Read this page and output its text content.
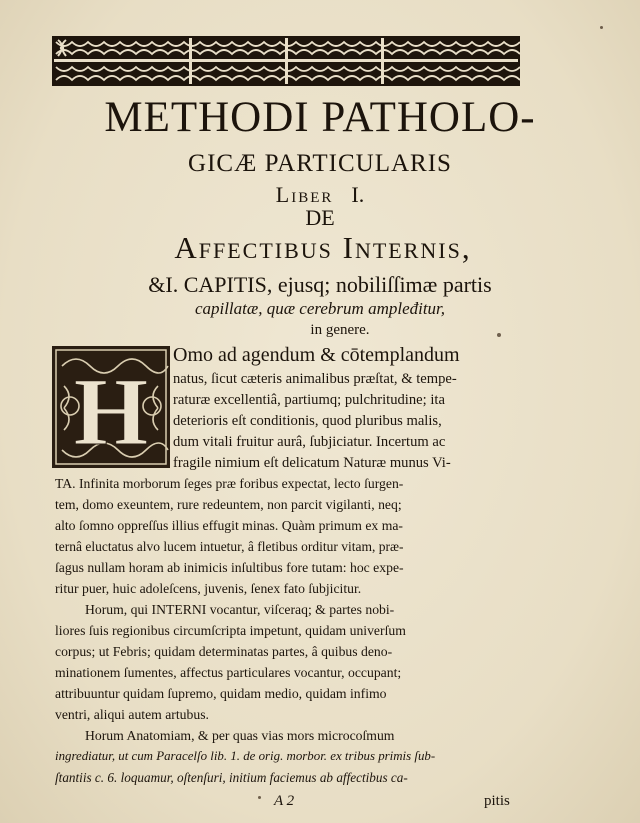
METHODI PATHOLO-
GICÆ PARTICULARIS
Liber I.
DE
Affectibus Internis,
&I. CAPITIS, ejusq; nobiliſſimæ partis
capillatæ, quæ cerebrum ampleđitur,
in genere.
H
Omo ad agendum & cōtemplandum
natus, ſicut cæteris animalibus præſtat, & tempe-
raturæ excellentiâ, partiumq; pulchritudine; ita
deterioris eſt conditionis, quod pluribus malis,
dum vitali fruitur aurâ, ſubjiciatur. Incertum ac
fragile nimium eſt delicatum Naturæ munus Vi-
TA. Infinita morborum ſeges præ foribus expectat, lecto ſurgen-
tem, domo exeuntem, rure redeuntem, non parcit vigilanti, neq;
alto ſomno oppreſſus illius effugit minas. Quàm primum ex ma-
ternâ eluctatus alvo lucem intuetur, â fletibus orditur vitam, præ-
ſagus nullam horam ab inimicis inſultibus fore tutam: hoc expe-
ritur puer, huic adoleſcens, juvenis, ſenex fato ſubjicitur.
Horum, qui INTERNI vocantur, viſceraq; & partes nobi-
liores ſuis regionibus circumſcripta impetunt, quidam univerſum
corpus; ut Febris; quidam determinatas partes, â quibus deno-
minationem ſumentes, affectus particulares vocantur, occupant;
attribuuntur quidam ſupremo, quidam medio, quidam infimo
ventri, aliqui autem artubus.
Horum Anatomiam, & per quas vias mors microcoſmum
ingrediatur, ut cum Paracelſo lib. 1. de orig. morbor. ex tribus primis ſub-
ſtantiis c. 6. loquamur, oſtenſuri, initium faciemus ab affectibus ca-
A 2	pitis
